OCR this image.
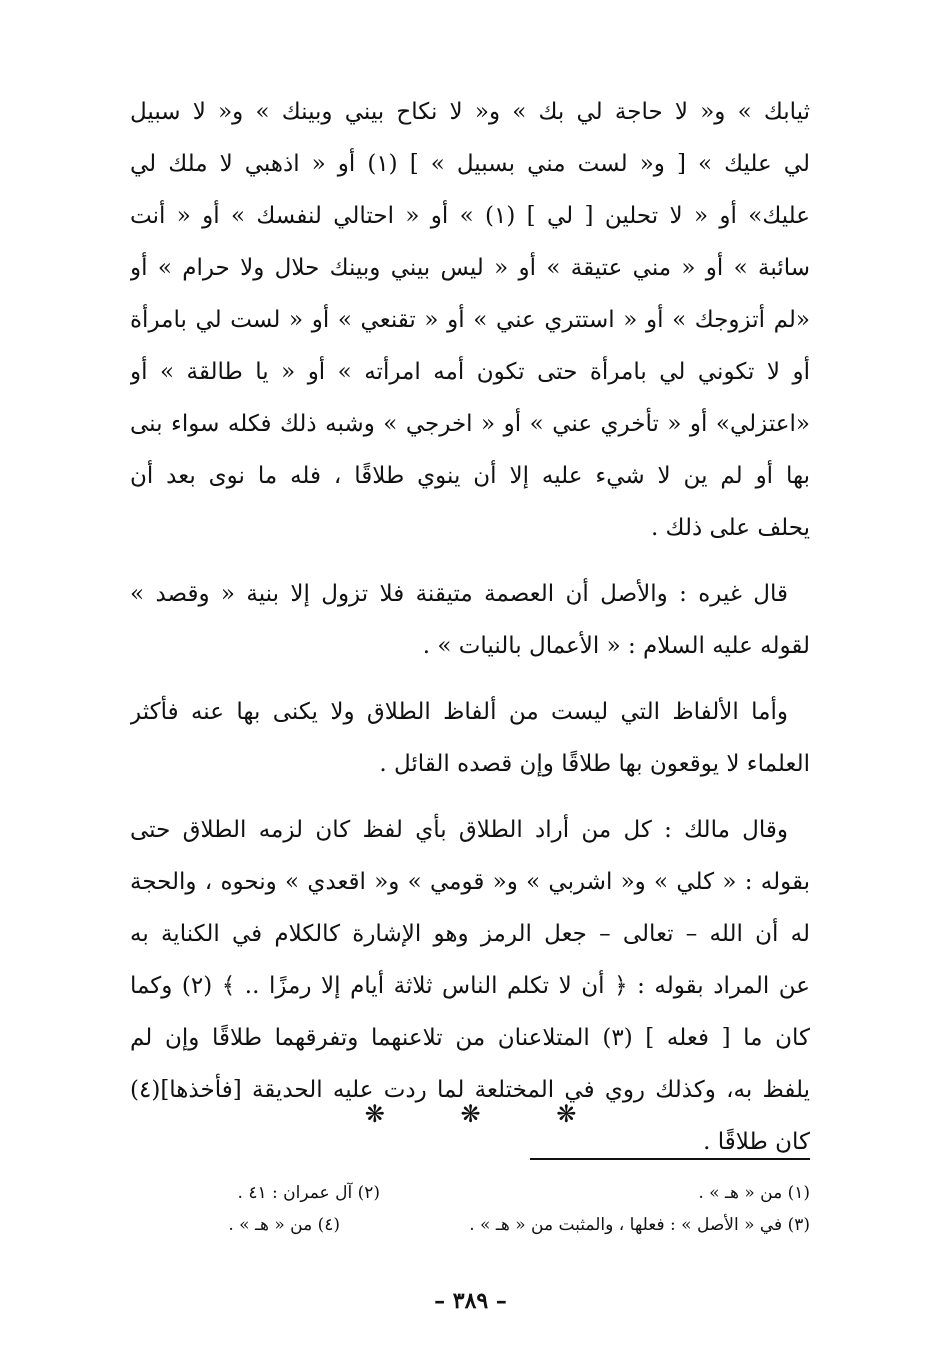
ثيابك » و« لا حاجة لي بك » و« لا نكاح بيني وبينك » و« لا سبيل
لي عليك » [ و« لست مني بسبيل » ] (١) أو « اذهبي لا ملك لي
عليك» أو « لا تحلين [ لي ] (١) » أو « احتالي لنفسك » أو « أنت
سائبة » أو « مني عتيقة » أو « ليس بيني وبينك حلال ولا حرام » أو
«لم أتزوجك » أو « استتري عني » أو « تقنعي » أو « لست لي بامرأة
أو لا تكوني لي بامرأة حتى تكون أمه امرأته » أو « يا طالقة » أو
«اعتزلي» أو « تأخري عني » أو « اخرجي » وشبه ذلك فكله سواء بنى
بها أو لم ين لا شيء عليه إلا أن ينوي طلاقًا ، فله ما نوى بعد أن
يحلف على ذلك .
قال غيره : والأصل أن العصمة متيقنة فلا تزول إلا بنية « وقصد »
لقوله عليه السلام : « الأعمال بالنيات » .
وأما الألفاظ التي ليست من ألفاظ الطلاق ولا يكنى بها عنه فأكثر
العلماء لا يوقعون بها طلاقًا وإن قصده القائل .
وقال مالك : كل من أراد الطلاق بأي لفظ كان لزمه الطلاق حتى
بقوله : « كلي » و« اشربي » و« قومي » و« اقعدي » ونحوه ، والحجة
له أن الله – تعالى – جعل الرمز وهو الإشارة كالكلام في الكناية به
عن المراد بقوله : ﴿ أن لا تكلم الناس ثلاثة أيام إلا رمزًا .. ﴾ (٢) وكما
كان ما [ فعله ] (٣) المتلاعنان من تلاعنهما وتفرقهما طلاقًا وإن لم
يلفظ به، وكذلك روي في المختلعة لما ردت عليه الحديقة [فأخذها](٤)
كان طلاقًا .
❋	❋	❋
(١) من « هـ » .
(٢) آل عمران : ٤١ .
(٣) في « الأصل » : فعلها ، والمثبت من « هـ » .
(٤) من « هـ » .
– ٣٨٩ –
